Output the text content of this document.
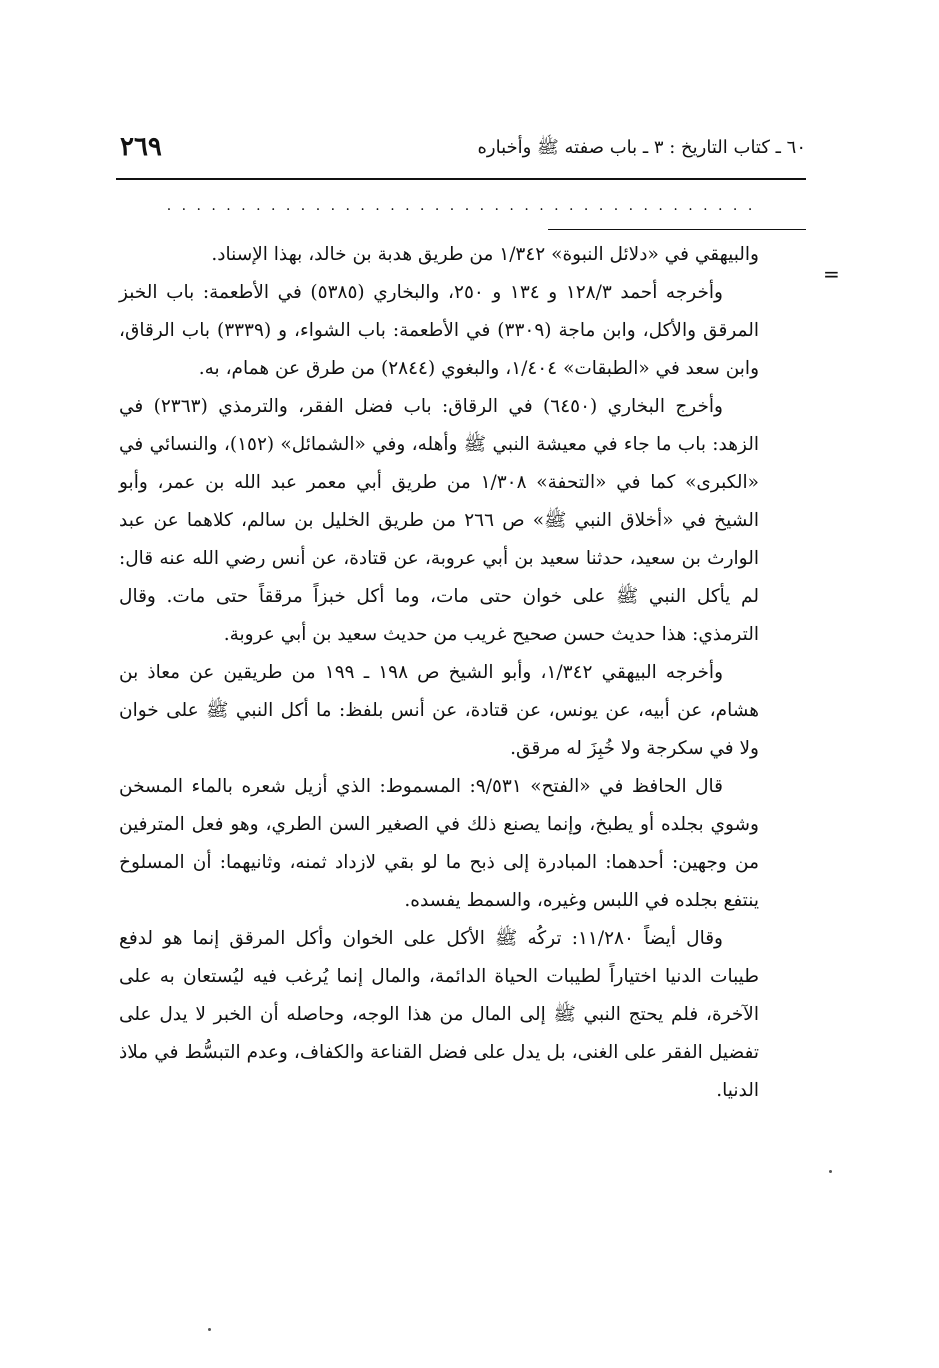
٦٠ ـ كتاب التاريخ : ٣ ـ باب صفته ﷺ وأخباره
٢٦٩
. . . . . . . . . . . . . . . . . . . . . . . . . . . . . . . . . . . . . . . .
=

والبيهقي في «دلائل النبوة» ١/٣٤٢ من طريق هدبة بن خالد، بهذا الإسناد.

وأخرجه أحمد ١٢٨/٣ و ١٣٤ و ٢٥٠، والبخاري (٥٣٨٥) في الأطعمة: باب الخبز المرقق والأكل، وابن ماجة (٣٣٠٩) في الأطعمة: باب الشواء، و (٣٣٣٩) باب الرقاق، وابن سعد في «الطبقات» ١/٤٠٤، والبغوي (٢٨٤٤) من طرق عن همام، به.

وأخرج البخاري (٦٤٥٠) في الرقاق: باب فضل الفقر، والترمذي (٢٣٦٣) في الزهد: باب ما جاء في معيشة النبي ﷺ وأهله، وفي «الشمائل» (١٥٢)، والنسائي في «الكبرى» كما في «التحفة» ١/٣٠٨ من طريق أبي معمر عبد الله بن عمر، وأبو الشيخ في «أخلاق النبي ﷺ» ص ٢٦٦ من طريق الخليل بن سالم، كلاهما عن عبد الوارث بن سعيد، حدثنا سعيد بن أبي عروبة، عن قتادة، عن أنس رضي الله عنه قال: لم يأكل النبي ﷺ على خوان حتى مات، وما أكل خبزاً مرققاً حتى مات. وقال الترمذي: هذا حديث حسن صحيح غريب من حديث سعيد بن أبي عروبة.

وأخرجه البيهقي ١/٣٤٢، وأبو الشيخ ص ١٩٨ ـ ١٩٩ من طريقين عن معاذ بن هشام، عن أبيه، عن يونس، عن قتادة، عن أنس بلفظ: ما أكل النبي ﷺ على خوان ولا في سكرجة ولا خُبِزَ له مرقق.

قال الحافظ في «الفتح» ٩/٥٣١: المسموط: الذي أزيل شعره بالماء المسخن وشوي بجلده أو يطبخ، وإنما يصنع ذلك في الصغير السن الطري، وهو فعل المترفين من وجهين: أحدهما: المبادرة إلى ذبح ما لو بقي لازداد ثمنه، وثانيهما: أن المسلوخ ينتفع بجلده في اللبس وغيره، والسمط يفسده.

وقال أيضاً ١١/٢٨٠: تركُه ﷺ الأكل على الخوان وأكل المرقق إنما هو لدفع طيبات الدنيا اختياراً لطيبات الحياة الدائمة، والمال إنما يُرغب فيه ليُستعان به على الآخرة، فلم يحتج النبي ﷺ إلى المال من هذا الوجه، وحاصله أن الخبر لا يدل على تفضيل الفقر على الغنى، بل يدل على فضل القناعة والكفاف، وعدم التبسُّط في ملاذ الدنيا.
